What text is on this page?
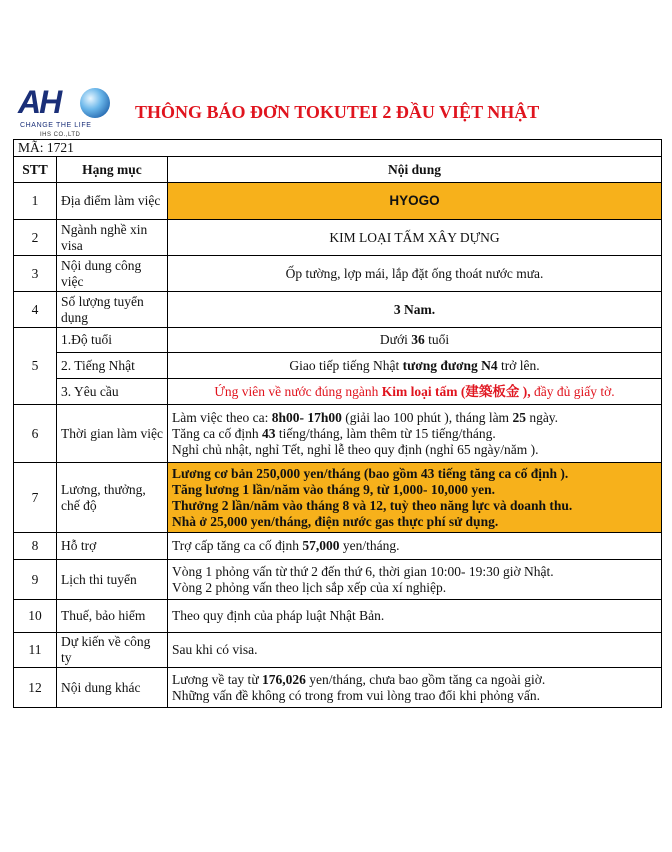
AH
CHANGE THE LIFE
IHS CO.,LTD
THÔNG BÁO ĐƠN TOKUTEI 2 ĐẦU VIỆT NHẬT
MÃ: 1721		
STT	Hạng mục	Nội dung
1	Địa điểm làm việc	HYOGO
2	Ngành nghề xin visa	KIM LOẠI TẤM XÂY DỰNG
3	Nội dung công việc	Ốp tường, lợp mái, lắp đặt ống thoát nước mưa.
4	Số lượng tuyển dụng	3 Nam.
5	1.Độ tuổi	Dưới 36 tuổi
	2. Tiếng Nhật	Giao tiếp tiếng Nhật tương đương N4 trở lên.
	3. Yêu cầu	Ứng viên về nước đúng ngành Kim loại tấm (建築板金 ), đầy đủ giấy tờ.
6	Thời gian làm việc	Làm việc theo ca: 8h00- 17h00 (giải lao 100 phút ), tháng làm 25 ngày.
Tăng ca cố định 43 tiếng/tháng, làm thêm từ 15 tiếng/tháng.
Nghỉ chủ nhật, nghỉ Tết, nghỉ lễ theo quy định (nghỉ 65 ngày/năm ).

7	Lương, thưởng, chế độ	Lương cơ bản 250,000 yen/tháng (bao gồm 43 tiếng tăng ca cố định ).
Tăng lương 1 lần/năm vào tháng 9, từ 1,000- 10,000 yen.
Thưởng 2 lần/năm vào tháng 8 và 12, tuỳ theo năng lực và doanh thu.
Nhà ở 25,000 yen/tháng, điện nước gas thực phí sử dụng.

8	Hỗ trợ	Trợ cấp tăng ca cố định 57,000 yen/tháng.
9	Lịch thi tuyển	Vòng 1 phỏng vấn từ thứ 2 đến thứ 6, thời gian 10:00- 19:30 giờ Nhật.
Vòng 2 phỏng vấn theo lịch sắp xếp của xí nghiệp.

10	Thuế, bảo hiểm	Theo quy định của pháp luật Nhật Bản.
11	Dự kiến về công ty	Sau khi có visa.
12	Nội dung khác	Lương về tay từ 176,026 yen/tháng, chưa bao gồm tăng ca ngoài giờ.
Những vấn đề không có trong from vui lòng trao đổi khi phỏng vấn.
